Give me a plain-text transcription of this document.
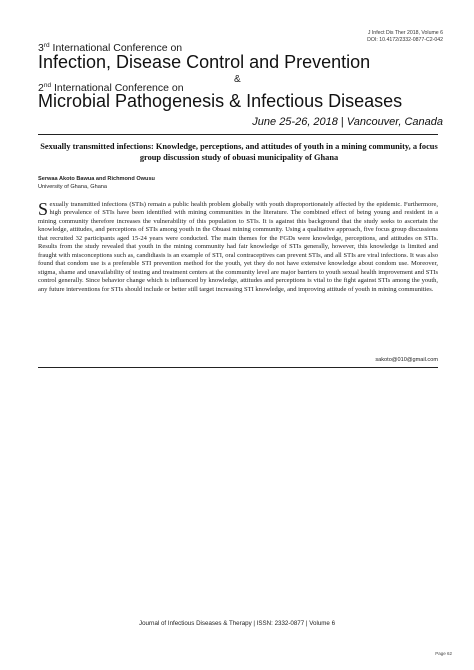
J Infect Dis Ther 2018, Volume 6
DOI: 10.4172/2332-0877-C2-042
3rd International Conference on
Infection, Disease Control and Prevention
&
2nd International Conference on
Microbial Pathogenesis & Infectious Diseases
June 25-26, 2018 | Vancouver, Canada
Sexually transmitted infections: Knowledge, perceptions, and attitudes of youth in a mining community, a focus group discussion study of obuasi municipality of Ghana
Serwaa Akoto Bawua and Richmond Owusu
University of Ghana, Ghana

Sexually transmitted infections (STIs) remain a public health problem globally with youth disproportionately affected by the epidemic. Furthermore, high prevalence of STIs have been identified with mining communities in the literature. The combined effect of being young and resident in a mining community therefore increases the vulnerability of this population to STIs. It is against this background that the study seeks to ascertain the knowledge, attitudes, and perceptions of STIs among youth in the Obuasi mining community. Using a qualitative approach, five focus group discussions that recruited 32 participants aged 15-24 years were conducted. The main themes for the FGDs were knowledge, perceptions, and attitudes on STIs. Results from the study revealed that youth in the mining community had fair knowledge of STIs generally, however, this knowledge is limited and fraught with misconceptions such as, candidiasis is an example of STI, oral contraceptives can prevent STIs, and all STIs are viral infections. It was also found that condom use is a preferable STI prevention method for the youth, yet they do not have extensive knowledge about condom use. Moreover, stigma, shame and unavailability of testing and treatment centers at the community level are major barriers to youth sexual health improvement and STIs control generally. Since behavior change which is influenced by knowledge, attitudes and perceptions is vital to the fight against STIs among the youth, any future interventions for STIs should include or better still target increasing STI knowledge, and improving attitude of youth in mining communities.

sakoto@010@gmail.com
Journal of Infectious Diseases & Therapy | ISSN: 2332-0877 | Volume 6
Page 62
